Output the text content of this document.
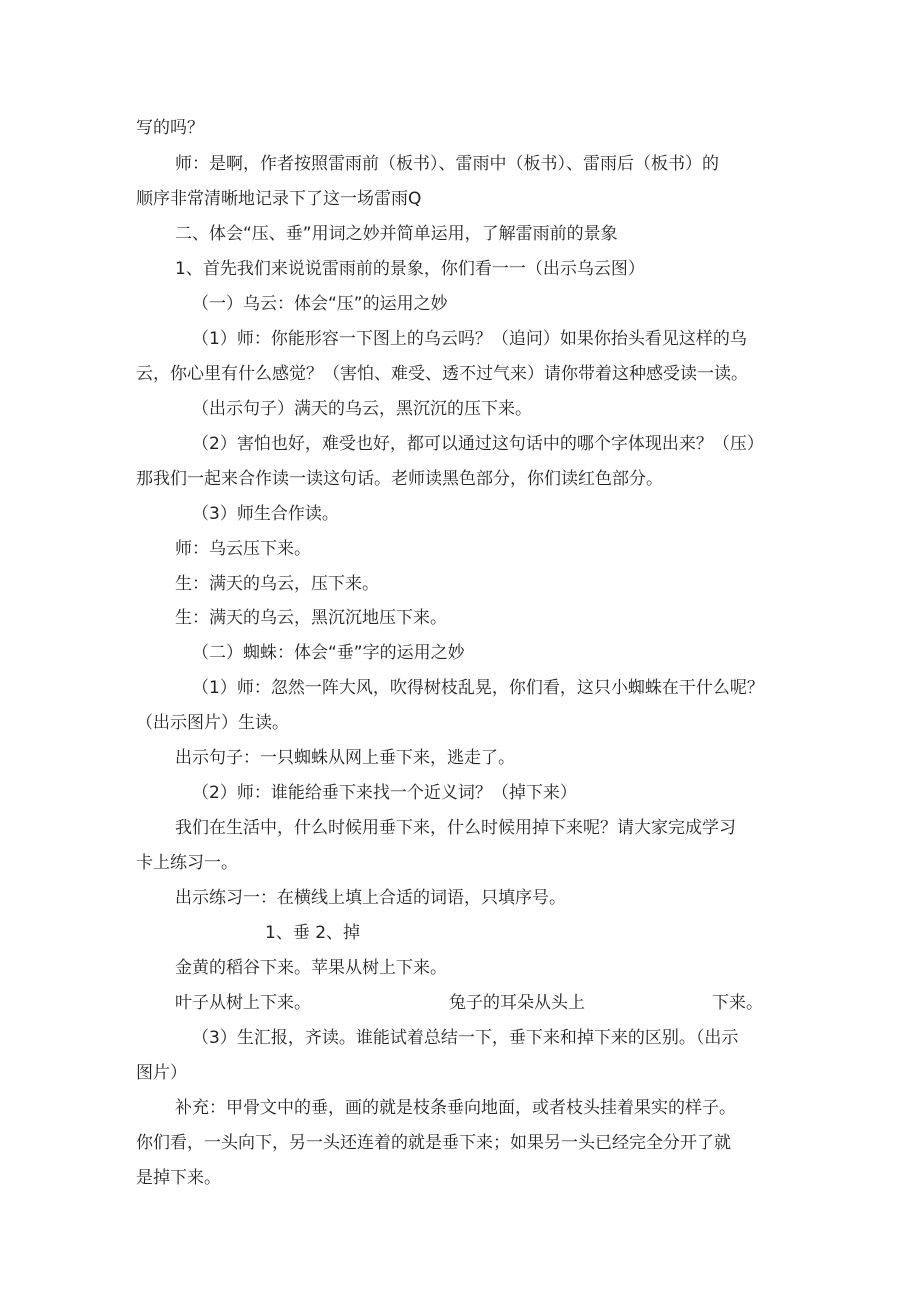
写的吗？
师：是啊，作者按照雷雨前（板书）、雷雨中（板书）、雷雨后（板书）的
顺序非常清晰地记录下了这一场雷雨Q
二、体会“压、垂”用词之妙并简单运用，了解雷雨前的景象
1、首先我们来说说雷雨前的景象，你们看一一（出示乌云图）
（一）乌云：体会“压”的运用之妙
（1）师：你能形容一下图上的乌云吗？（追问）如果你抬头看见这样的乌
云，你心里有什么感觉？（害怕、难受、透不过气来）请你带着这种感受读一读。
（出示句子）满天的乌云，黑沉沉的压下来。
（2）害怕也好，难受也好，都可以通过这句话中的哪个字体现出来？（压）
那我们一起来合作读一读这句话。老师读黑色部分，你们读红色部分。
（3）师生合作读。
师：乌云压下来。
生：满天的乌云，压下来。
生：满天的乌云，黑沉沉地压下来。
（二）蜘蛛：体会“垂”字的运用之妙
（1）师：忽然一阵大风，吹得树枝乱晃，你们看，这只小蜘蛛在干什么呢？
（出示图片）生读。
出示句子：一只蜘蛛从网上垂下来，逃走了。
（2）师：谁能给垂下来找一个近义词？（掉下来）
我们在生活中，什么时候用垂下来，什么时候用掉下来呢？请大家完成学习
卡上练习一。
出示练习一：在横线上填上合适的词语，只填序号。
1、垂 2、掉
金黄的稻谷下来。苹果从树上下来。
叶子从树上下来。	兔子的耳朵从头上	下来。
（3）生汇报，齐读。谁能试着总结一下，垂下来和掉下来的区别。（出示
图片）
补充：甲骨文中的垂，画的就是枝条垂向地面，或者枝头挂着果实的样子。
你们看，一头向下，另一头还连着的就是垂下来；如果另一头已经完全分开了就
是掉下来。
